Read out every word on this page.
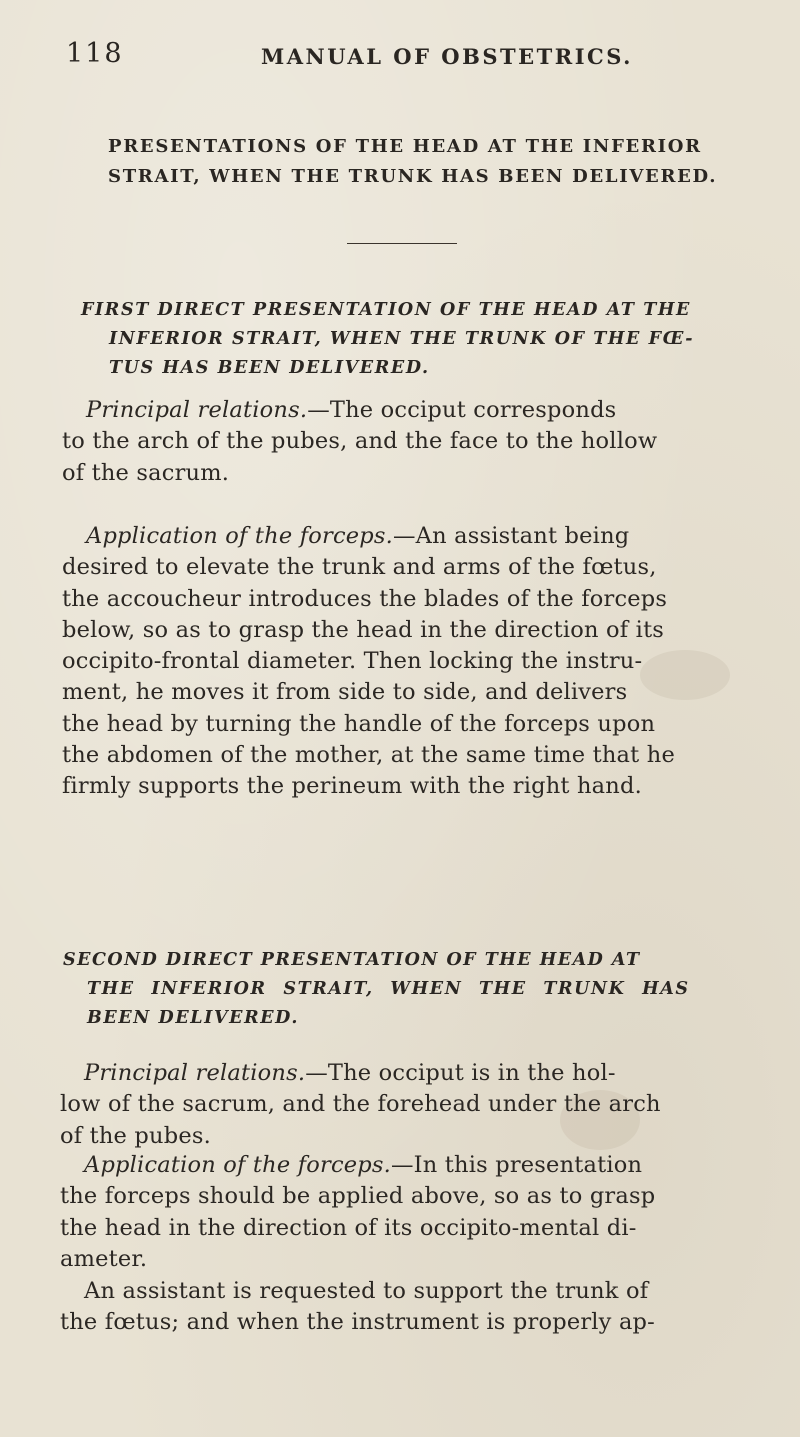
118	MANUAL OF OBSTETRICS.
PRESENTATIONS OF THE HEAD AT THE INFERIOR
STRAIT, WHEN THE TRUNK HAS BEEN DELIVERED.
FIRST DIRECT PRESENTATION OF THE HEAD AT THE
INFERIOR STRAIT, WHEN THE TRUNK OF THE FŒ-
TUS HAS BEEN DELIVERED.
Principal relations.—The occiput corresponds
to the arch of the pubes, and the face to the hollow
of the sacrum.
Application of the forceps.—An assistant being
desired to elevate the trunk and arms of the fœtus,
the accoucheur introduces the blades of the forceps
below, so as to grasp the head in the direction of its
occipito-frontal diameter. Then locking the instru-
ment, he moves it from side to side, and delivers
the head by turning the handle of the forceps upon
the abdomen of the mother, at the same time that he
firmly supports the perineum with the right hand.
SECOND DIRECT PRESENTATION OF THE HEAD AT
THE INFERIOR STRAIT, WHEN THE TRUNK HAS
BEEN DELIVERED.
Principal relations.—The occiput is in the hol-
low of the sacrum, and the forehead under the arch
of the pubes.
Application of the forceps.—In this presentation
the forceps should be applied above, so as to grasp
the head in the direction of its occipito-mental di-
ameter.
An assistant is requested to support the trunk of
the fœtus; and when the instrument is properly ap-
